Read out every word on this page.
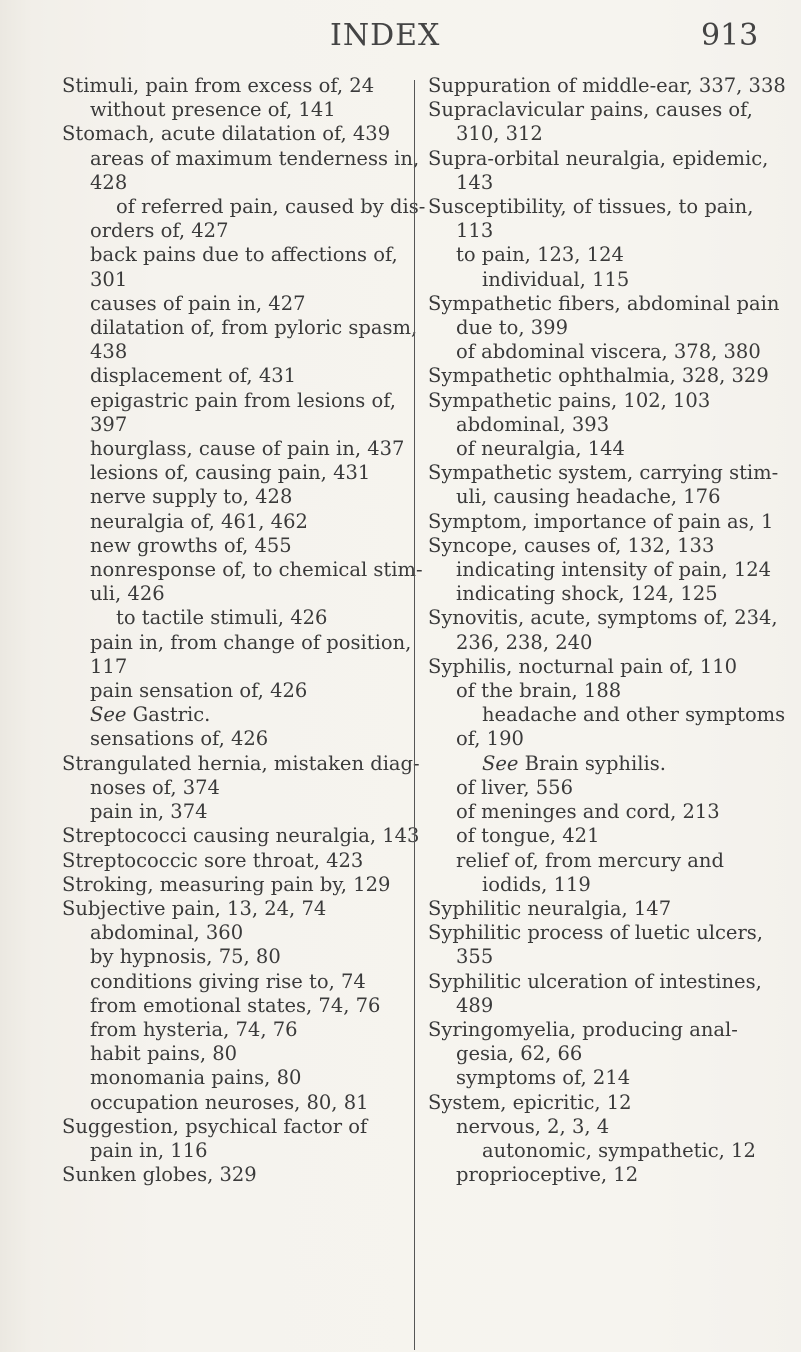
INDEX	913
Stimuli, pain from excess of, 24
without presence of, 141
Stomach, acute dilatation of, 439
areas of maximum tenderness in,
428
of referred pain, caused by dis-
orders of, 427
back pains due to affections of,
301
causes of pain in, 427
dilatation of, from pyloric spasm,
438
displacement of, 431
epigastric pain from lesions of,
397
hourglass, cause of pain in, 437
lesions of, causing pain, 431
nerve supply to, 428
neuralgia of, 461, 462
new growths of, 455
nonresponse of, to chemical stim-
uli, 426
to tactile stimuli, 426
pain in, from change of position,
117
pain sensation of, 426
See Gastric.
sensations of, 426
Strangulated hernia, mistaken diag-
noses of, 374
pain in, 374
Streptococci causing neuralgia, 143
Streptococcic sore throat, 423
Stroking, measuring pain by, 129
Subjective pain, 13, 24, 74
abdominal, 360
by hypnosis, 75, 80
conditions giving rise to, 74
from emotional states, 74, 76
from hysteria, 74, 76
habit pains, 80
monomania pains, 80
occupation neuroses, 80, 81
Suggestion, psychical factor of
pain in, 116
Sunken globes, 329
Suppuration of middle-ear, 337, 338
Supraclavicular pains, causes of,
310, 312
Supra-orbital neuralgia, epidemic,
143
Susceptibility, of tissues, to pain,
113
to pain, 123, 124
individual, 115
Sympathetic fibers, abdominal pain
due to, 399
of abdominal viscera, 378, 380
Sympathetic ophthalmia, 328, 329
Sympathetic pains, 102, 103
abdominal, 393
of neuralgia, 144
Sympathetic system, carrying stim-
uli, causing headache, 176
Symptom, importance of pain as, 1
Syncope, causes of, 132, 133
indicating intensity of pain, 124
indicating shock, 124, 125
Synovitis, acute, symptoms of, 234,
236, 238, 240
Syphilis, nocturnal pain of, 110
of the brain, 188
headache and other symptoms
of, 190
See Brain syphilis.
of liver, 556
of meninges and cord, 213
of tongue, 421
relief of, from mercury and
iodids, 119
Syphilitic neuralgia, 147
Syphilitic process of luetic ulcers,
355
Syphilitic ulceration of intestines,
489
Syringomyelia, producing anal-
gesia, 62, 66
symptoms of, 214
System, epicritic, 12
nervous, 2, 3, 4
autonomic, sympathetic, 12
proprioceptive, 12
